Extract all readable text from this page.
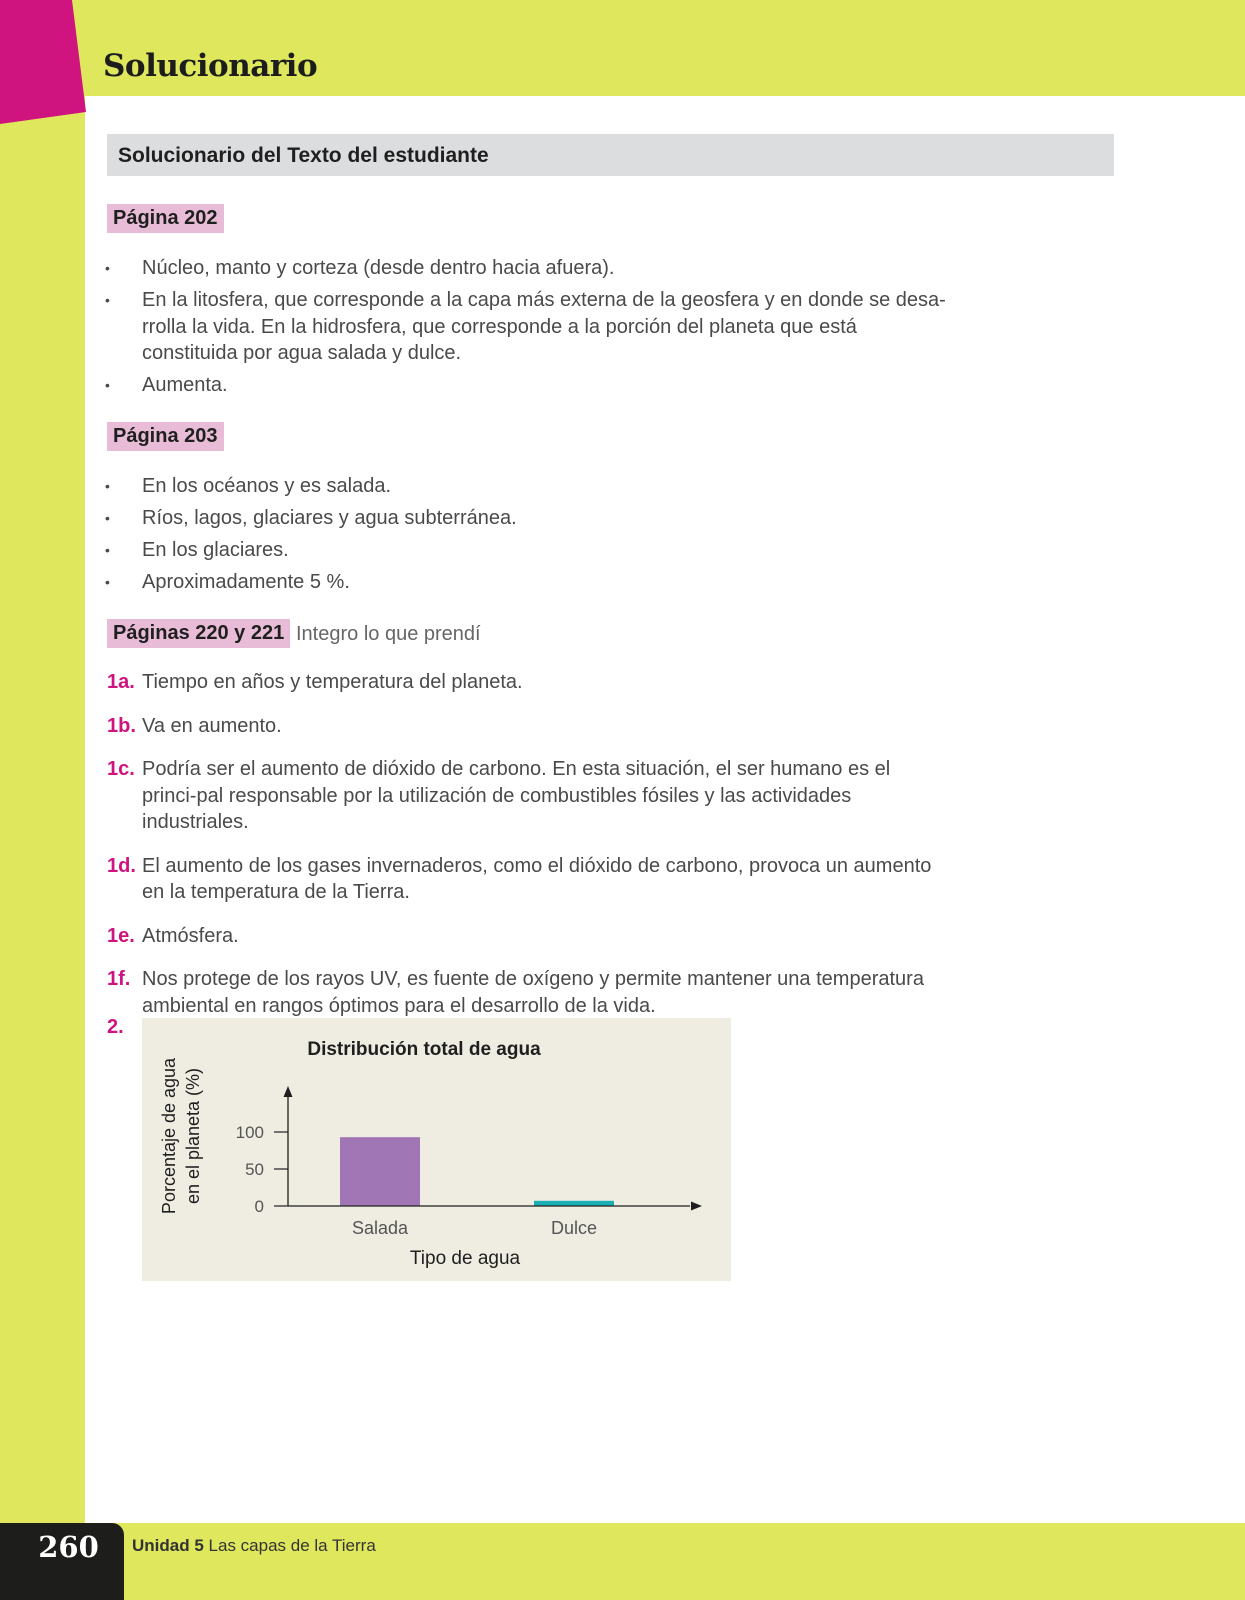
Solucionario
Solucionario del Texto del estudiante
Página 202
• Núcleo, manto y corteza (desde dentro hacia afuera).
• En la litosfera, que corresponde a la capa más externa de la geosfera y en donde se desa-rrolla la vida. En la hidrosfera, que corresponde a la porción del planeta que está constituida por agua salada y dulce.
• Aumenta.
Página 203
• En los océanos y es salada.
• Ríos, lagos, glaciares y agua subterránea.
• En los glaciares.
• Aproximadamente 5 %.
Páginas 220 y 221 Integro lo que prendí
1a. Tiempo en años y temperatura del planeta.
1b. Va en aumento.
1c. Podría ser el aumento de dióxido de carbono. En esta situación, el ser humano es el princi-pal responsable por la utilización de combustibles fósiles y las actividades industriales.
1d. El aumento de los gases invernaderos, como el dióxido de carbono, provoca un aumento en la temperatura de la Tierra.
1e. Atmósfera.
1f. Nos protege de los rayos UV, es fuente de oxígeno y permite mantener una temperatura ambiental en rangos óptimos para el desarrollo de la vida.
2.
Distribución total de agua
Porcentaje de agua en el planeta (%)
0
50
100
Salada	Dulce
Tipo de agua
260	Unidad 5 Las capas de la Tierra
